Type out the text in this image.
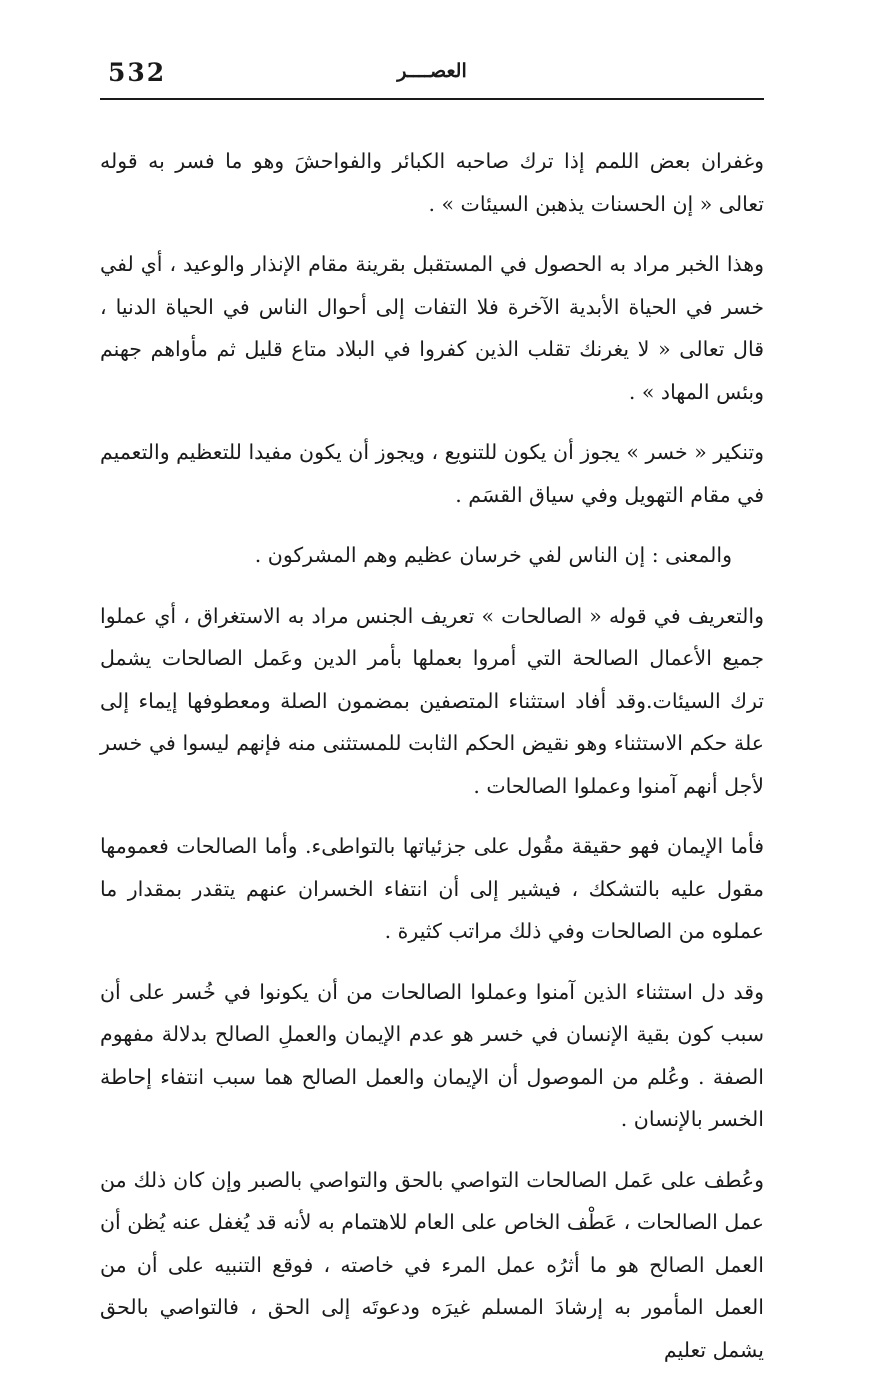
532	العصــــر

وغفران بعض اللمم إذا ترك صاحبه الكبائر والفواحشَ وهو ما فسر به قوله تعالى « إن الحسنات يذهبن السيئات » .

وهذا الخبر مراد به الحصول في المستقبل بقرينة مقام الإنذار والوعيد ، أي لفي خسر في الحياة الأبدية الآخرة فلا التفات إلى أحوال الناس في الحياة الدنيا ، قال تعالى « لا يغرنك تقلب الذين كفروا في البلاد متاع قليل ثم مأواهم جهنم وبئس المهاد » .

وتنكير « خسر » يجوز أن يكون للتنويع ، ويجوز أن يكون مفيدا للتعظيم والتعميم في مقام التهويل وفي سياق القسَم .

والمعنى : إن الناس لفي خرسان عظيم وهم المشركون .

والتعريف في قوله « الصالحات » تعريف الجنس مراد به الاستغراق ، أي عملوا جميع الأعمال الصالحة التي أمروا بعملها بأمر الدين وعَمل الصالحات يشمل ترك السيئات.وقد أفاد استثناء المتصفين بمضمون الصلة ومعطوفها إيماء إلى علة حكم الاستثناء وهو نقيض الحكم الثابت للمستثنى منه فإنهم ليسوا في خسر لأجل أنهم آمنوا وعملوا الصالحات .

فأما الإيمان فهو حقيقة مقُول على جزئياتها بالتواطىء. وأما الصالحات فعمومها مقول عليه بالتشكك ، فيشير إلى أن انتفاء الخسران عنهم يتقدر بمقدار ما عملوه من الصالحات وفي ذلك مراتب كثيرة .

وقد دل استثناء الذين آمنوا وعملوا الصالحات من أن يكونوا في خُسر على أن سبب كون بقية الإنسان في خسر هو عدم الإيمان والعملِ الصالح بدلالة مفهوم الصفة . وعُلم من الموصول أن الإيمان والعمل الصالح هما سبب انتفاء إحاطة الخسر بالإنسان .

وعُطف على عَمل الصالحات التواصي بالحق والتواصي بالصبر وإن كان ذلك من عمل الصالحات ، عَطْف الخاص على العام للاهتمام به لأنه قد يُغفل عنه يُظن أن العمل الصالح هو ما أثرُه عمل المرء في خاصته ، فوقع التنبيه على أن من العمل المأمور به إرشادَ المسلم غيرَه ودعوتَه إلى الحق ، فالتواصي بالحق يشمل تعليم
